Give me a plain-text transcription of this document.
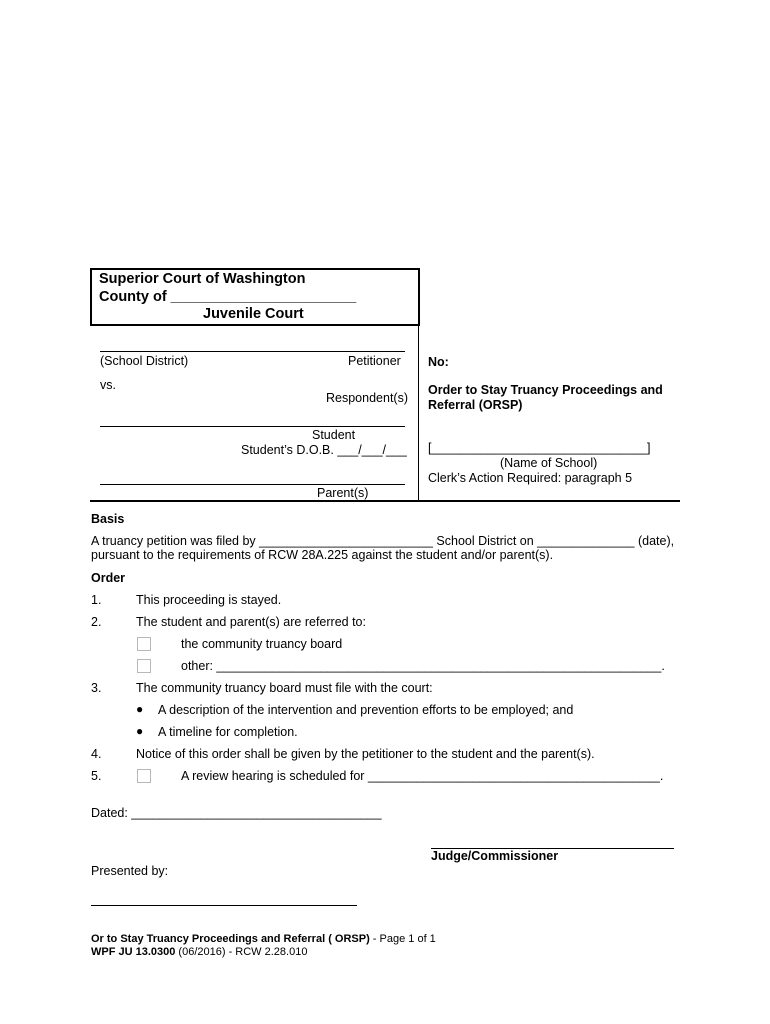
Superior Court of Washington
County of _______________________
Juvenile Court
(School District)	Petitioner
vs.
Respondent(s)
Student
Student’s D.O.B. ___/___/___
Parent(s)
No:
Order to Stay Truancy Proceedings and
Referral (ORSP)
[_______________________________]
(Name of School)
Clerk’s Action Required: paragraph 5
Basis
A truancy petition was filed by _________________________ School District on ______________ (date),
pursuant to the requirements of RCW 28A.225 against the student and/or parent(s).
Order
1.	This proceeding is stayed.
2.	The student and parent(s) are referred to:
the community truancy board
other: ________________________________________________________________.
3.	The community truancy board must file with the court:
● A description of the intervention and prevention efforts to be employed; and
● A timeline for completion.
4.	Notice of this order shall be given by the petitioner to the student and the parent(s).
5.	A review hearing is scheduled for __________________________________________.
Dated: ____________________________________
Judge/Commissioner
Presented by:
Or to Stay Truancy Proceedings and Referral ( ORSP) - Page 1 of 1
WPF JU 13.0300 (06/2016) - RCW 2.28.010
